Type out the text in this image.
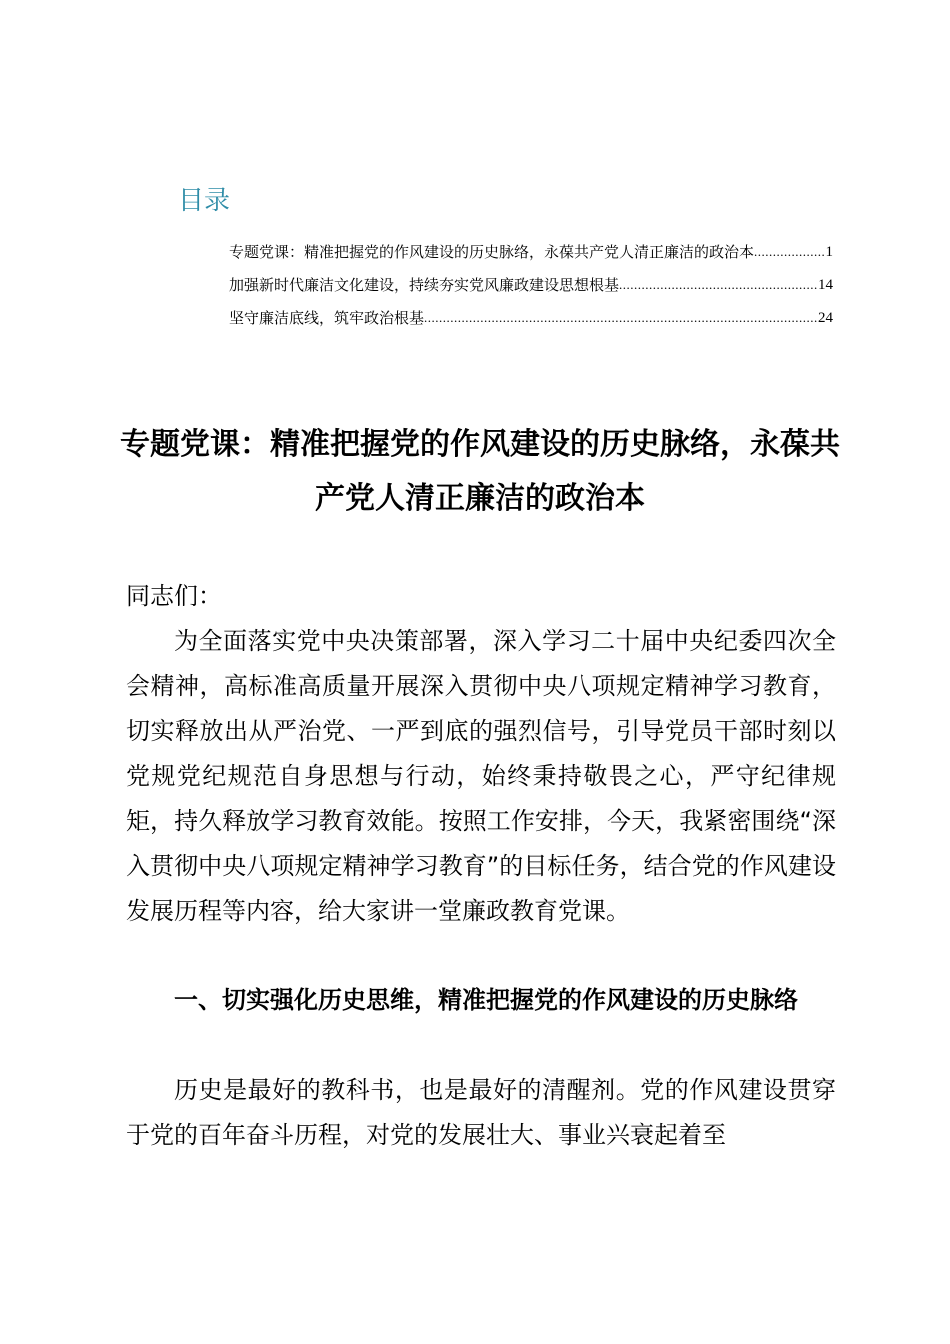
目录
专题党课：精准把握党的作风建设的历史脉络，永葆共产党人清正廉洁的政治本 .....	1
加强新时代廉洁文化建设，持续夯实党风廉政建设思想根基 .....	14
坚守廉洁底线，筑牢政治根基 .....	24
专题党课：精准把握党的作风建设的历史脉络，永葆共产党人清正廉洁的政治本

同志们：

为全面落实党中央决策部署，深入学习二十届中央纪委四次全会精神，高标准高质量开展深入贯彻中央八项规定精神学习教育，切实释放出从严治党、一严到底的强烈信号，引导党员干部时刻以党规党纪规范自身思想与行动，始终秉持敬畏之心，严守纪律规矩，持久释放学习教育效能。按照工作安排，今天，我紧密围绕“深入贯彻中央八项规定精神学习教育”的目标任务，结合党的作风建设发展历程等内容，给大家讲一堂廉政教育党课。

一、切实强化历史思维，精准把握党的作风建设的历史脉络

历史是最好的教科书，也是最好的清醒剂。党的作风建设贯穿于党的百年奋斗历程，对党的发展壮大、事业兴衰起着至
